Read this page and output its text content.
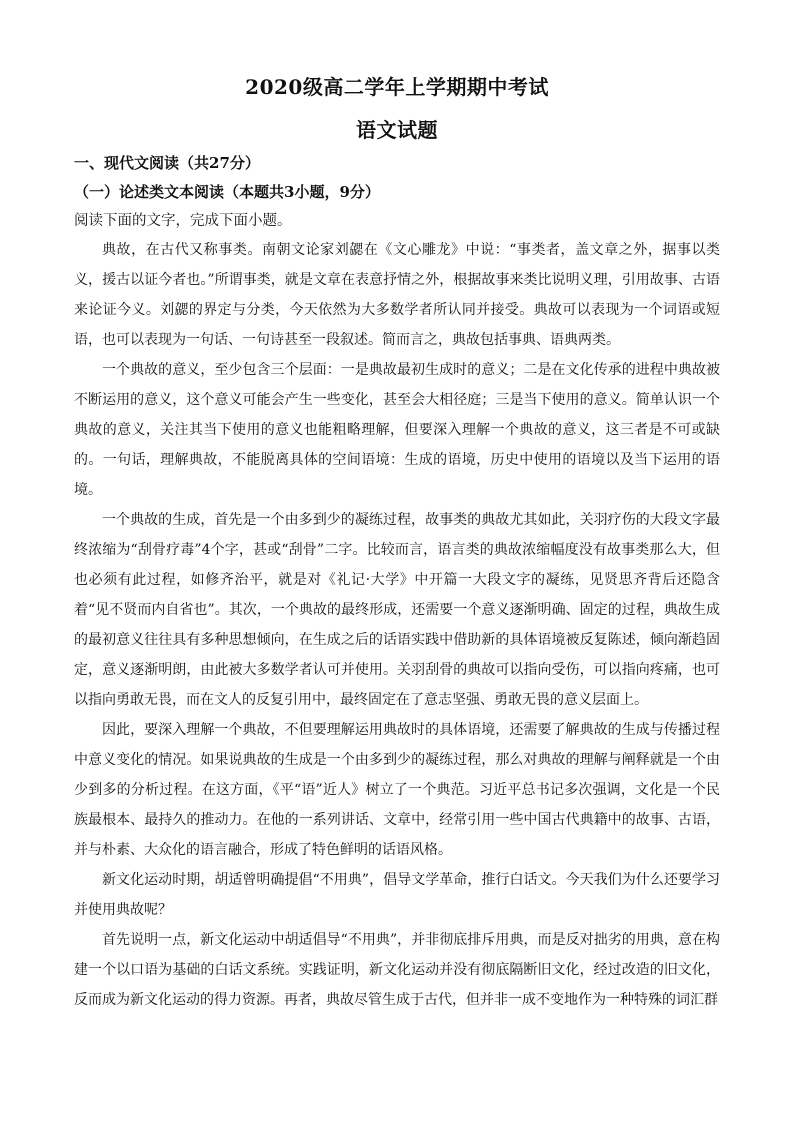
2020级高二学年上学期期中考试
语文试题
一、现代文阅读（共27分）
（一）论述类文本阅读（本题共3小题，9分）
阅读下面的文字，完成下面小题。

典故，在古代又称事类。南朝文论家刘勰在《文心雕龙》中说：“事类者，盖文章之外，据事以类义，援古以证今者也。”所谓事类，就是文章在表意抒情之外，根据故事来类比说明义理，引用故事、古语来论证今义。刘勰的界定与分类，今天依然为大多数学者所认同并接受。典故可以表现为一个词语或短语，也可以表现为一句话、一句诗甚至一段叙述。简而言之，典故包括事典、语典两类。

一个典故的意义，至少包含三个层面：一是典故最初生成时的意义；二是在文化传承的进程中典故被不断运用的意义，这个意义可能会产生一些变化，甚至会大相径庭；三是当下使用的意义。简单认识一个典故的意义，关注其当下使用的意义也能粗略理解，但要深入理解一个典故的意义，这三者是不可或缺的。一句话，理解典故，不能脱离具体的空间语境：生成的语境，历史中使用的语境以及当下运用的语境。

一个典故的生成，首先是一个由多到少的凝练过程，故事类的典故尤其如此，关羽疗伤的大段文字最终浓缩为“刮骨疗毒”4个字，甚或“刮骨”二字。比较而言，语言类的典故浓缩幅度没有故事类那么大，但也必须有此过程，如修齐治平，就是对《礼记·大学》中开篇一大段文字的凝练，见贤思齐背后还隐含着“见不贤而内自省也”。其次，一个典故的最终形成，还需要一个意义逐渐明确、固定的过程，典故生成的最初意义往往具有多种思想倾向，在生成之后的话语实践中借助新的具体语境被反复陈述，倾向渐趋固定，意义逐渐明朗，由此被大多数学者认可并使用。关羽刮骨的典故可以指向受伤，可以指向疼痛，也可以指向勇敢无畏，而在文人的反复引用中，最终固定在了意志坚强、勇敢无畏的意义层面上。

因此，要深入理解一个典故，不但要理解运用典故时的具体语境，还需要了解典故的生成与传播过程中意义变化的情况。如果说典故的生成是一个由多到少的凝练过程，那么对典故的理解与阐释就是一个由少到多的分析过程。在这方面，《平“语”近人》树立了一个典范。习近平总书记多次强调，文化是一个民族最根本、最持久的推动力。在他的一系列讲话、文章中，经常引用一些中国古代典籍中的故事、古语，并与朴素、大众化的语言融合，形成了特色鲜明的话语风格。

新文化运动时期，胡适曾明确提倡“不用典”，倡导文学革命，推行白话文。今天我们为什么还要学习并使用典故呢？

首先说明一点，新文化运动中胡适倡导“不用典”，并非彻底排斥用典，而是反对拙劣的用典，意在构建一个以口语为基础的白话文系统。实践证明，新文化运动并没有彻底隔断旧文化，经过改造的旧文化，反而成为新文化运动的得力资源。再者，典故尽管生成于古代，但并非一成不变地作为一种特殊的词汇群
